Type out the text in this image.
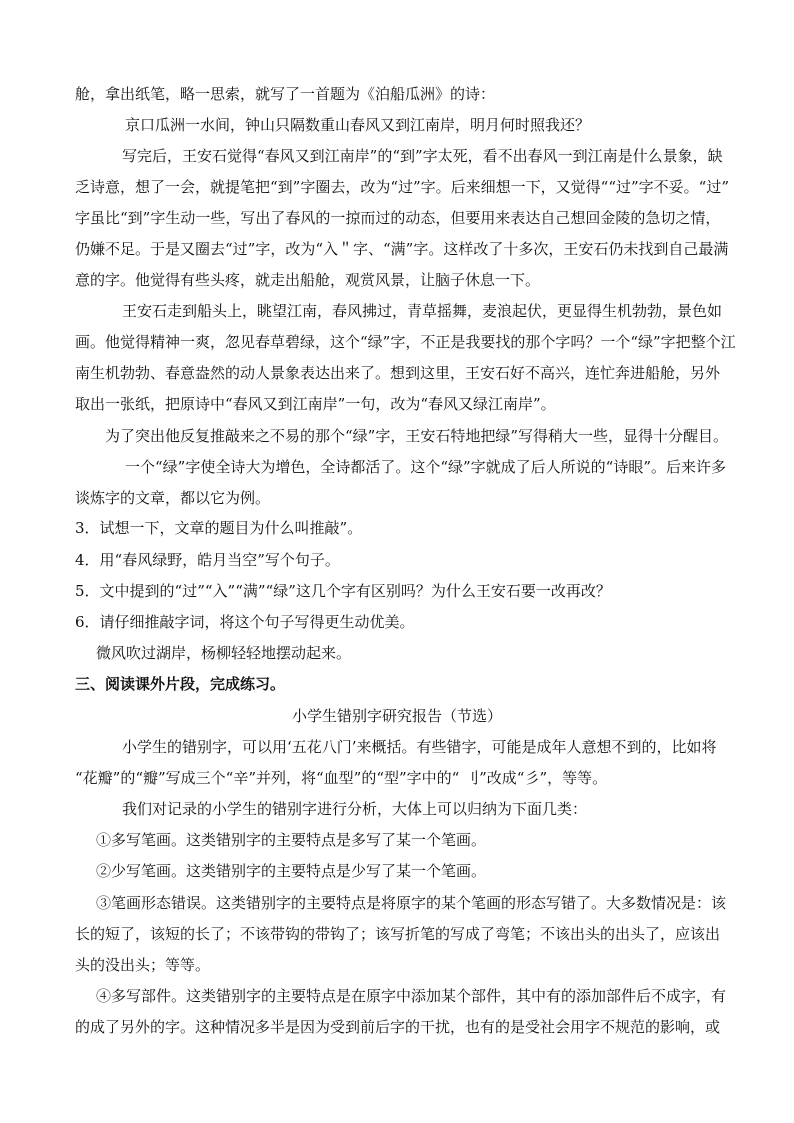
舱，拿出纸笔，略一思索，就写了一首题为《泊船瓜洲》的诗：
京口瓜洲一水间，钟山只隔数重山春风又到江南岸，明月何时照我还？
写完后，王安石觉得“春风又到江南岸”的“到”字太死，看不出春风一到江南是什么景象，缺
乏诗意，想了一会，就提笔把“到”字圈去，改为“过”字。后来细想一下，又觉得““过”字不妥。“过”
字虽比“到”字生动一些，写出了春风的一掠而过的动态，但要用来表达自己想回金陵的急切之情，
仍嫌不足。于是又圈去“过”字，改为“入＂字、“满”字。这样改了十多次，王安石仍未找到自己最满
意的字。他觉得有些头疼，就走出船舱，观赏风景，让脑子休息一下。
王安石走到船头上，眺望江南，春风拂过，青草摇舞，麦浪起伏，更显得生机勃勃，景色如
画。他觉得精神一爽，忽见春草碧绿，这个“绿”字，不正是我要找的那个字吗？一个“绿”字把整个江
南生机勃勃、春意盎然的动人景象表达出来了。想到这里，王安石好不高兴，连忙奔进船舱，另外
取出一张纸，把原诗中“春风又到江南岸”一句，改为“春风又绿江南岸”。
为了突出他反复推敲来之不易的那个“绿”字，王安石特地把绿”写得稍大一些，显得十分醒目。
一个“绿”字使全诗大为增色，全诗都活了。这个“绿”字就成了后人所说的“诗眼”。后来许多
谈炼字的文章，都以它为例。
3．试想一下，文章的题目为什么叫推敲”。
4．用“春风绿野，皓月当空”写个句子。
5．文中提到的“过”“入”“满”“绿”这几个字有区别吗？为什么王安石要一改再改？
6．请仔细推敲字词，将这个句子写得更生动优美。
微风吹过湖岸，杨柳轻轻地摆动起来。
三、阅读课外片段，完成练习。
小学生错别字研究报告（节选）
小学生的错别字，可以用‘五花八门’来概括。有些错字，可能是成年人意想不到的，比如将
“花瓣”的“瓣”写成三个“辛”并列，将“血型”的“型”字中的“ 刂”改成“彡”，等等。
我们对记录的小学生的错别字进行分析，大体上可以归纳为下面几类：
①多写笔画。这类错别字的主要特点是多写了某一个笔画。
②少写笔画。这类错别字的主要特点是少写了某一个笔画。
③笔画形态错误。这类错别字的主要特点是将原字的某个笔画的形态写错了。大多数情况是：该
长的短了，该短的长了；不该带钩的带钩了；该写折笔的写成了弯笔；不该出头的出头了，应该出
头的没出头；等等。
④多写部件。这类错别字的主要特点是在原字中添加某个部件，其中有的添加部件后不成字，有
的成了另外的字。这种情况多半是因为受到前后字的干扰，也有的是受社会用字不规范的影响，或
